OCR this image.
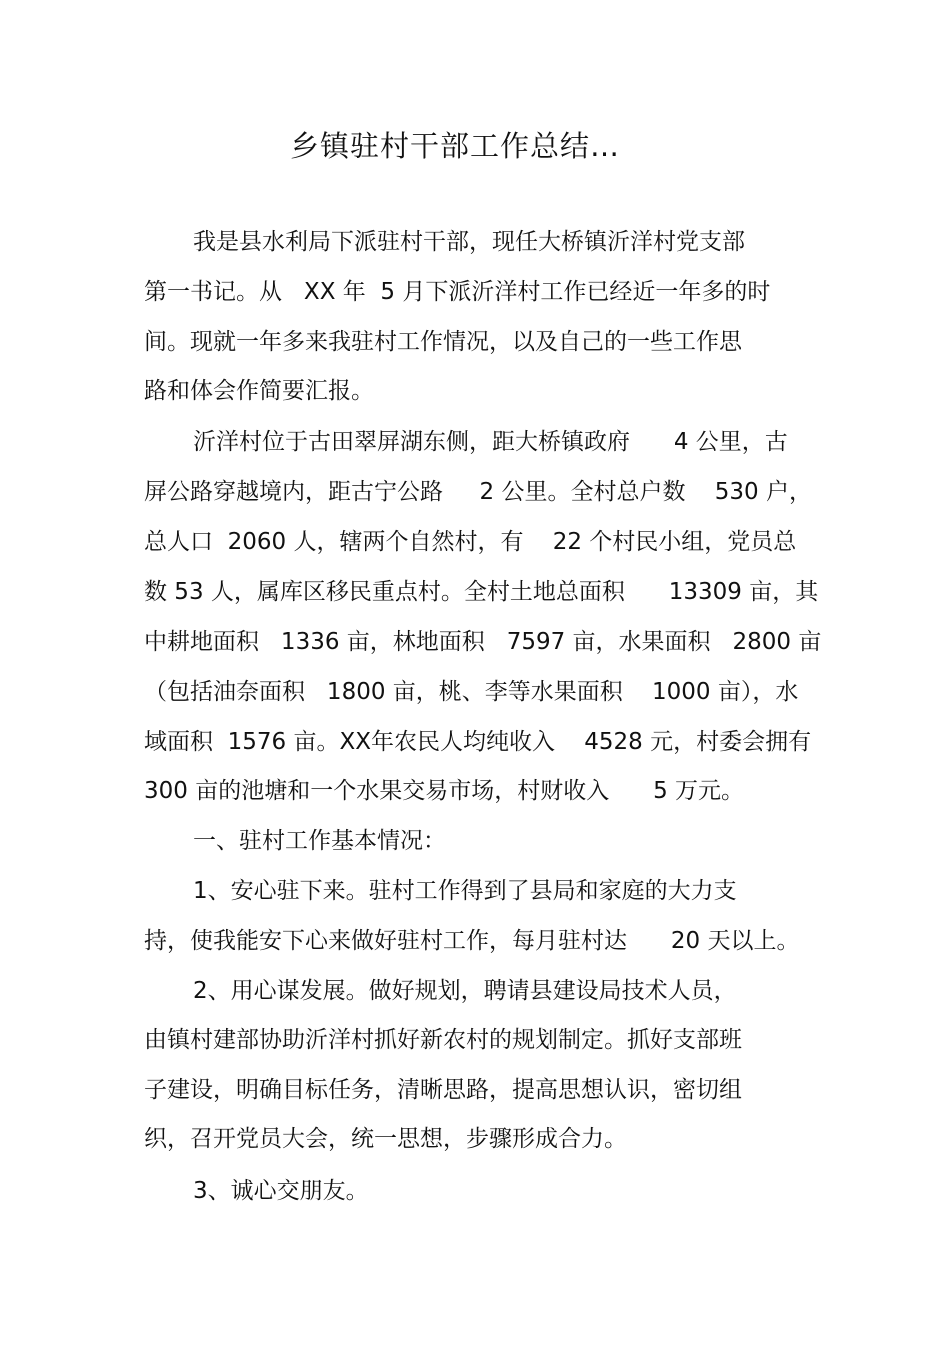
乡镇驻村干部工作总结…
我是县水利局下派驻村干部，现任大桥镇沂洋村党支部
第一书记。从   XX 年  5 月下派沂洋村工作已经近一年多的时
间。现就一年多来我驻村工作情况，以及自己的一些工作思
路和体会作简要汇报。
沂洋村位于古田翠屏湖东侧，距大桥镇政府      4 公里，古
屏公路穿越境内，距古宁公路     2 公里。全村总户数    530 户，
总人口  2060 人，辖两个自然村，有    22 个村民小组，党员总
数 53 人，属库区移民重点村。全村土地总面积      13309 亩，其
中耕地面积   1336 亩，林地面积   7597 亩，水果面积   2800 亩
（包括油奈面积   1800 亩，桃、李等水果面积    1000 亩），水
域面积  1576 亩。XX年农民人均纯收入    4528 元，村委会拥有
300 亩的池塘和一个水果交易市场，村财收入      5 万元。
一、驻村工作基本情况：
1、安心驻下来。驻村工作得到了县局和家庭的大力支
持，使我能安下心来做好驻村工作，每月驻村达      20 天以上。
2、用心谋发展。做好规划，聘请县建设局技术人员，
由镇村建部协助沂洋村抓好新农村的规划制定。抓好支部班
子建设，明确目标任务，清晰思路，提高思想认识，密切组
织，召开党员大会，统一思想，步骤形成合力。
3、诚心交朋友。
